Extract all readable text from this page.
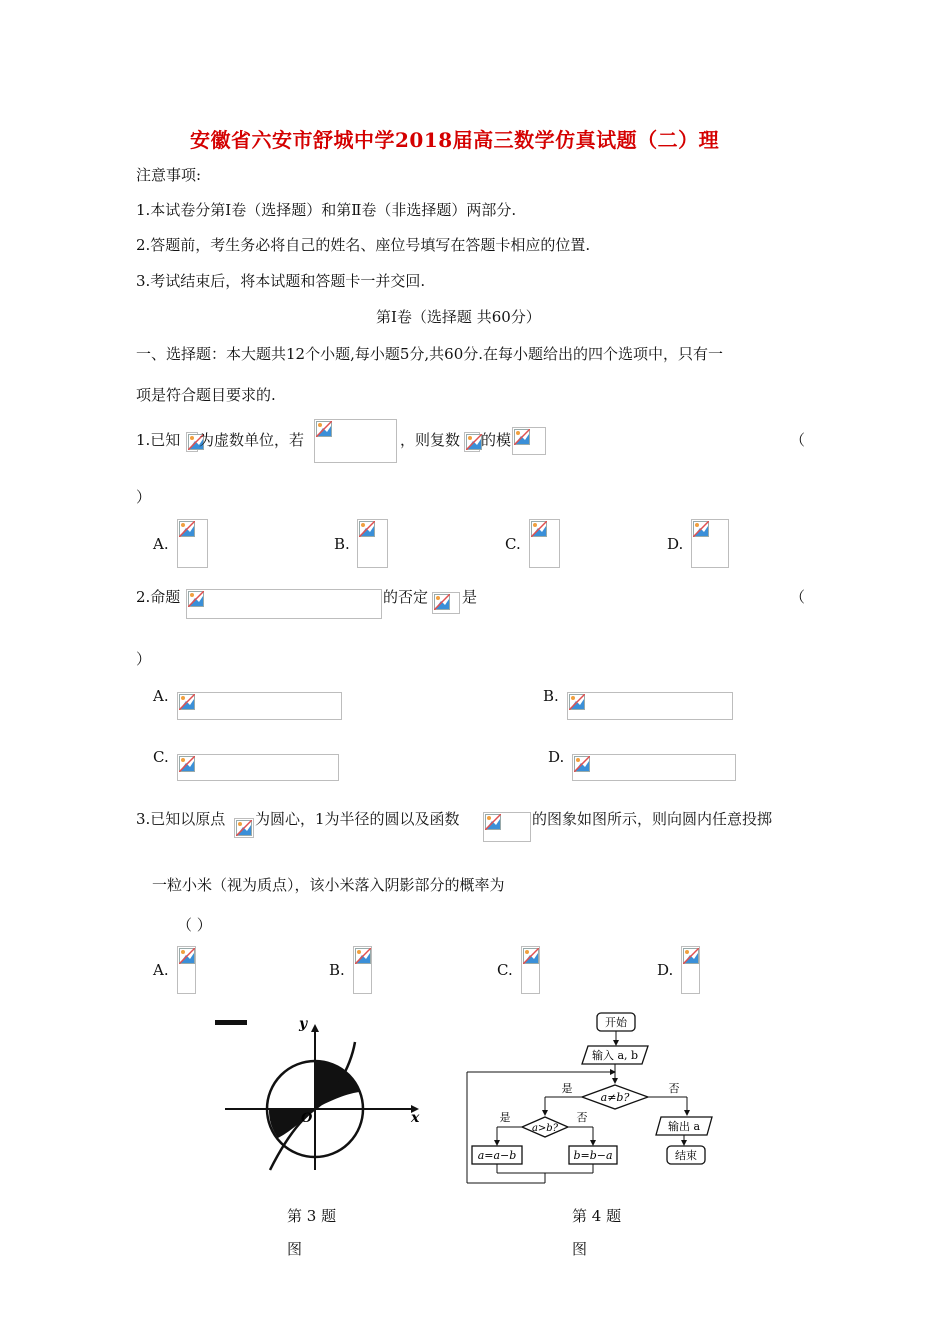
安徽省六安市舒城中学2018届高三数学仿真试题（二）理
注意事项:
1.本试卷分第Ⅰ卷（选择题）和第Ⅱ卷（非选择题）两部分.
2.答题前，考生务必将自己的姓名、座位号填写在答题卡相应的位置.
3.考试结束后，将本试题和答题卡一并交回.
第Ⅰ卷（选择题 共60分）
一、选择题：本大题共12个小题,每小题5分,共60分.在每小题给出的四个选项中，只有一
项是符合题目要求的.
1.已知 为虚数单位，若	，则复数 的模	（
）
A.	B.	C.	D.
2.命题	的否定 是	（
）
A.	B.
C.	D.
3.已知以原点 为圆心，1为半径的圆以及函数	的图象如图所示，则向圆内任意投掷
一粒小米（视为质点），该小米落入阴影部分的概率为
（ ）
A.	B.	C.	D.
y
x
O
第 3 题
图
开始
输入 a, b
a≠b?
是	否
输出 a
结束
a>b?
是	否
a=a−b	b=b−a
第 4 题
图
